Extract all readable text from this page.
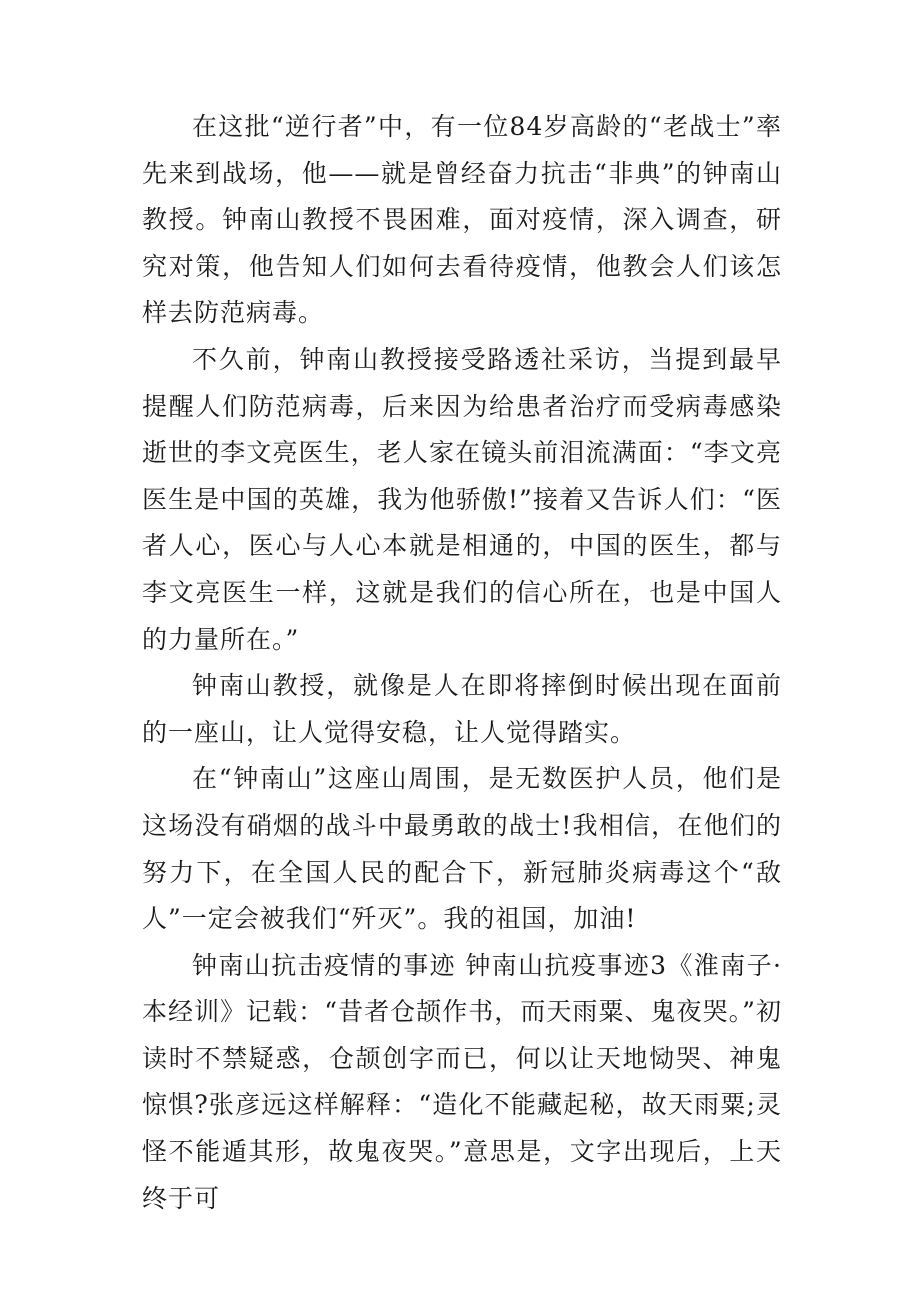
在这批“逆行者”中，有一位84岁高龄的“老战士”率先来到战场，他——就是曾经奋力抗击“非典”的钟南山教授。钟南山教授不畏困难，面对疫情，深入调查，研究对策，他告知人们如何去看待疫情，他教会人们该怎样去防范病毒。

不久前，钟南山教授接受路透社采访，当提到最早提醒人们防范病毒，后来因为给患者治疗而受病毒感染逝世的李文亮医生，老人家在镜头前泪流满面：“李文亮医生是中国的英雄，我为他骄傲!”接着又告诉人们：“医者人心，医心与人心本就是相通的，中国的医生，都与李文亮医生一样，这就是我们的信心所在，也是中国人的力量所在。”

钟南山教授，就像是人在即将摔倒时候出现在面前的一座山，让人觉得安稳，让人觉得踏实。

在“钟南山”这座山周围，是无数医护人员，他们是这场没有硝烟的战斗中最勇敢的战士!我相信，在他们的努力下，在全国人民的配合下，新冠肺炎病毒这个“敌人”一定会被我们“歼灭”。我的祖国，加油!

钟南山抗击疫情的事迹 钟南山抗疫事迹3《淮南子·本经训》记载：“昔者仓颉作书，而天雨粟、鬼夜哭。”初读时不禁疑惑，仓颉创字而已，何以让天地恸哭、神鬼惊惧?张彦远这样解释：“造化不能藏起秘，故天雨粟;灵怪不能遁其形，故鬼夜哭。”意思是，文字出现后，上天终于可
